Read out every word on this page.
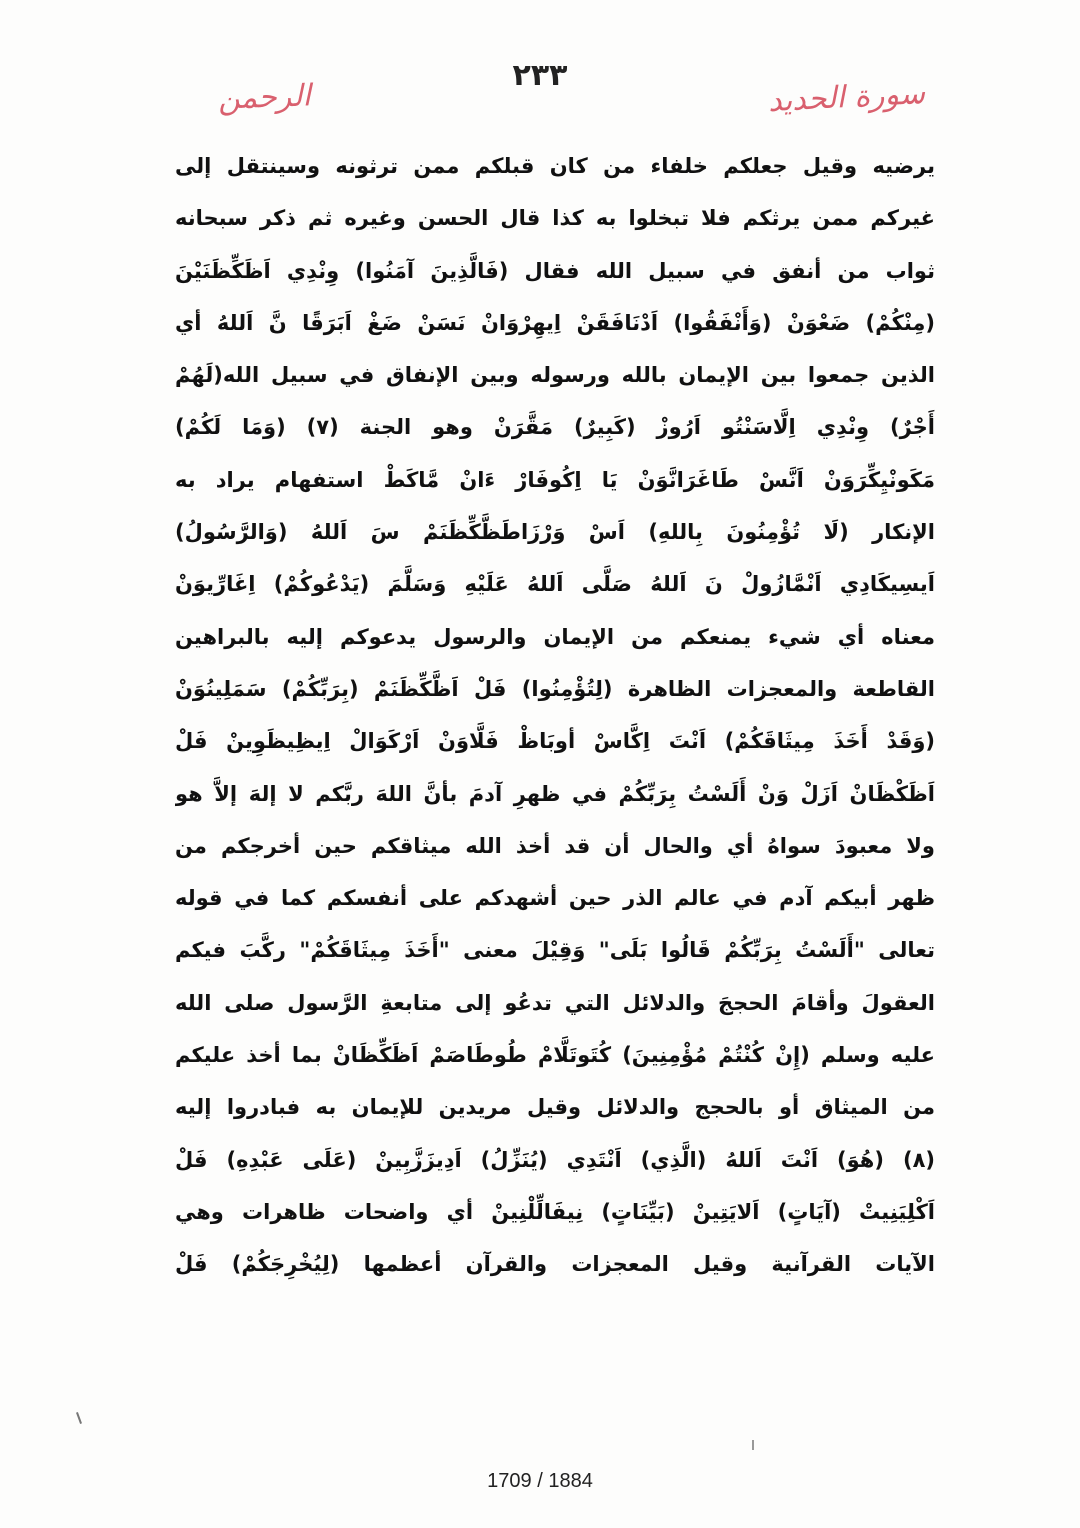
٢٣٣
سورة الحديد
الرحمن
يرضيه وقيل جعلكم خلفاء من كان قبلكم ممن ترثونه وسينتقل إلى
غيركم ممن يرثكم فلا تبخلوا به كذا قال الحسن وغيره ثم ذكر سبحانه
ثواب من أنفق في سبيل الله فقال (فَالَّذِينَ آمَنُوا) وِنْدِي اَظَكِّظَنَيْنَ
(مِنْكُمْ) ضَعْوَنْ (وَأَنْفَقُوا) اَدْنَافَقَنْ اِيهِرْوَانْ نَسَنْ ضَغْ اَبَرَقًا نَّ اَللهُ أي
الذين جمعوا بين الإيمان بالله ورسوله وبين الإنفاق في سبيل الله(لَهُمْ
أَجْرٌ) وِنْدِي اِلَّاسَنْتُو اَرُوزْ (كَبِيرٌ) مَقَّرَنْ وهو الجنة (٧) (وَمَا لَكُمْ)
مَكَونْيِكِّرَوَنْ اَنَّسْ طَاغَرَانَّوَنْ يَا اِكُوفَارْ ءَانْ مَّاكَطْ استفهام يراد به
الإنكار (لَا تُؤْمِنُونَ بِاللهِ) اَسْ وَرْزَاطَظَّكِّظَنَمْ سَ اَللهُ (وَالرَّسُولُ)
اَيسِيكَادِي اَنْمَّازُولْ نَ اَللهُ صَلَّى اَللهُ عَلَيْهِ وَسَلَّمَ (يَدْعُوكُمْ) اِغَارِّيوَنْ
معناه أي شيء يمنعكم من الإيمان والرسول يدعوكم إليه بالبراهين
القاطعة والمعجزات الظاهرة (لِتُؤْمِنُوا) فَلْ اَظَّكِّظَنَمْ (بِرَبِّكُمْ) سَمَلِينُوَنْ
(وَقَدْ أَخَذَ مِيثَاقَكُمْ) اَنْتَ اِكَّاسْ أوبَاظْ فَلَّاوَنْ اَرْكَوَالْ اِيظِيظَوِينْ فَلْ
اَظَكْظَانْ اَزَلْ وَنْ أَلَسْتُ بِرَبِّكُمْ في ظهرِ آدمَ بأنَّ اللهَ ربَّكم لا إلهَ إلاَّ هو
ولا معبودَ سواهُ أي والحال أن قد أخذ الله ميثاقكم حين أخرجكم من
ظهر أبيكم آدم في عالم الذر حين أشهدكم على أنفسكم كما في قوله
تعالى "أَلَسْتُ بِرَبِّكُمْ قَالُوا بَلَى" وَقِيْلَ معنى "أَخَذَ مِيثَاقَكُمْ" ركَّبَ فيكم
العقولَ وأقامَ الحججَ والدلائل التي تدعُو إلى متابعةِ الرَّسول صلى الله
عليه وسلم (إِنْ كُنْتُمْ مُؤْمِنِينَ) كُتَوتَلَّامْ طُوطَاصَمْ اَظَكِّظَانْ بما أخذ عليكم
من الميثاق أو بالحجج والدلائل وقيل مريدين للإيمان به فبادروا إليه
(٨) (هُوَ) اَنْتَ اَللهُ (الَّذِي) اَنْتَدِي (يُنَزِّلُ) اَدِيزَزَّبِينْ (عَلَى عَبْدِهِ) فَلْ
اَكْلِيَنِيتْ (آيَاتٍ) اَلايَتِينْ (بَيِّنَاتٍ) نِيفَالِّلْنِينْ أي واضحات ظاهرات وهي
الآيات القرآنية وقيل المعجزات والقرآن أعظمها (لِيُخْرِجَكُمْ) فَلْ
1709 / 1884
